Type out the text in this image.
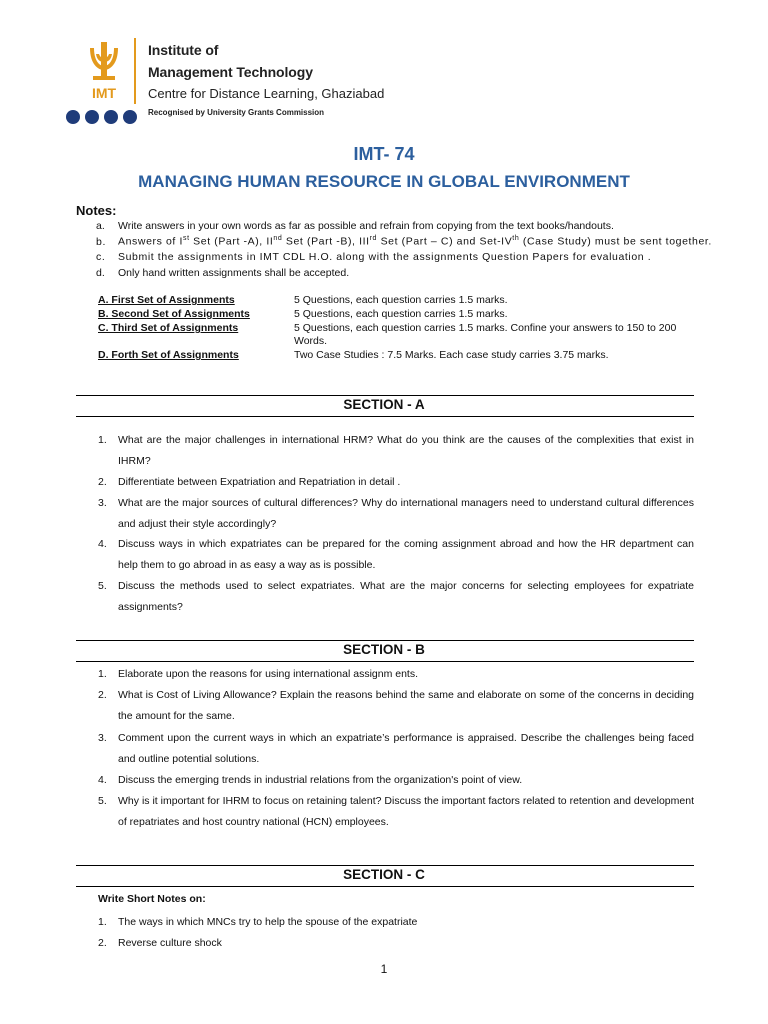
IMT
Institute of
Management Technology
Centre for Distance Learning, Ghaziabad
Recognised by University Grants Commission
IMT- 74
MANAGING HUMAN RESOURCE IN GLOBAL ENVIRONMENT
Notes:
a. Write answers in your own words as far as possible and refrain from copying from the text books/handouts.
b. Answers of Ist Set (Part -A), IInd Set (Part -B), IIIrd Set (Part – C) and Set-IVth (Case Study) must be sent together.
c. Submit the assignments in IMT CDL H.O. along with the assignments Question Papers for evaluation .
d. Only hand written assignments shall be accepted.
A. First Set of Assignments	5 Questions, each question carries 1.5 marks.
B. Second Set of Assignments	5 Questions, each question carries 1.5 marks.
C. Third Set of Assignments	5 Questions, each question carries 1.5 marks. Confine your answers to 150 to 200 Words.
D. Forth Set of Assignments	Two Case Studies : 7.5 Marks. Each case study carries 3.75 marks.
SECTION - A
1. What are the major challenges in international HRM? What do you think are the causes of the complexities that exist in IHRM?
2. Differentiate between Expatriation and Repatriation in detail .
3. What are the major sources of cultural differences? Why do international managers need to understand cultural differences and adjust their style accordingly?
4. Discuss ways in which expatriates can be prepared for the coming assignment abroad and how the HR department can help them to go abroad in as easy a way as is possible.
5. Discuss the methods used to select expatriates. What are the major concerns for selecting employees for expatriate assignments?
SECTION - B
1. Elaborate upon the reasons for using international assignm ents.
2. What is Cost of Living Allowance? Explain the reasons behind the same and elaborate on some of the concerns in deciding the amount for the same.
3. Comment upon the current ways in which an expatriate’s performance is appraised. Describe the challenges being faced and outline potential solutions.
4. Discuss the emerging trends in industrial relations from the organization's point of view.
5. Why is it important for IHRM to focus on retaining talent? Discuss the important factors related to retention and development of repatriates and host country national (HCN) employees.
SECTION - C
Write Short Notes on:
1. The ways in which MNCs try to help the spouse of the expatriate
2. Reverse culture shock
1
